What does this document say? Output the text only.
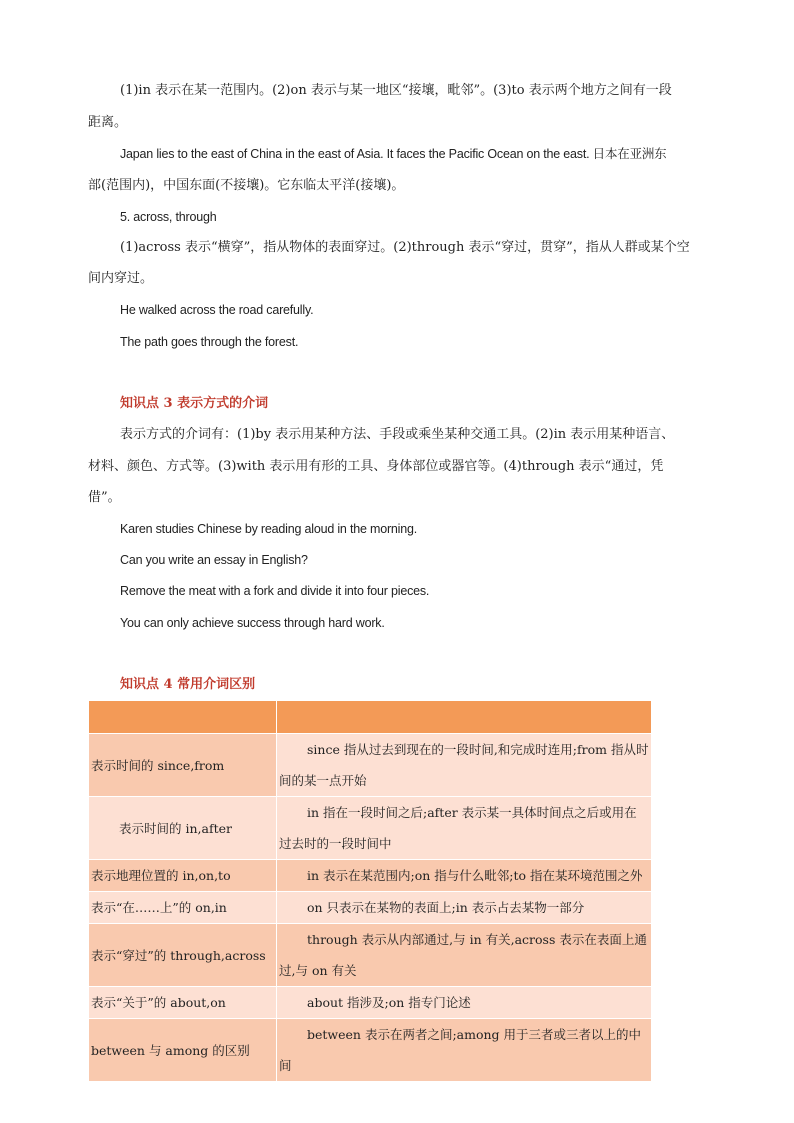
(1)in 表示在某一范围内。(2)on 表示与某一地区“接壤，毗邻”。(3)to 表示两个地方之间有一段
距离。
Japan lies to the east of China in the east of Asia. It faces the Pacific Ocean on the east. 日本在亚洲东
部(范围内)，中国东面(不接壤)。它东临太平洋(接壤)。
5. across, through
(1)across 表示“横穿”，指从物体的表面穿过。(2)through 表示“穿过，贯穿”，指从人群或某个空
间内穿过。
He walked across the road carefully.
The path goes through the forest.
知识点 3 表示方式的介词
表示方式的介词有：(1)by 表示用某种方法、手段或乘坐某种交通工具。(2)in 表示用某种语言、
材料、颜色、方式等。(3)with 表示用有形的工具、身体部位或器官等。(4)through 表示“通过，凭
借”。
Karen studies Chinese by reading aloud in the morning.
Can you write an essay in English?
Remove the meat with a fork and divide it into four pieces.
You can only achieve success through hard work.
知识点 4 常用介词区别

表示时间的 since,from	since 指从过去到现在的一段时间,和完成时连用;from 指从时间的某一点开始
表示时间的 in,after	in 指在一段时间之后;after 表示某一具体时间点之后或用在过去时的一段时间中
表示地理位置的 in,on,to	in 表示在某范围内;on 指与什么毗邻;to 指在某环境范围之外
表示“在……上”的 on,in	on 只表示在某物的表面上;in 表示占去某物一部分
表示“穿过”的 through,across	through 表示从内部通过,与 in 有关,across 表示在表面上通过,与 on 有关
表示“关于”的 about,on	about 指涉及;on 指专门论述
between 与 among 的区别	between 表示在两者之间;among 用于三者或三者以上的中间
